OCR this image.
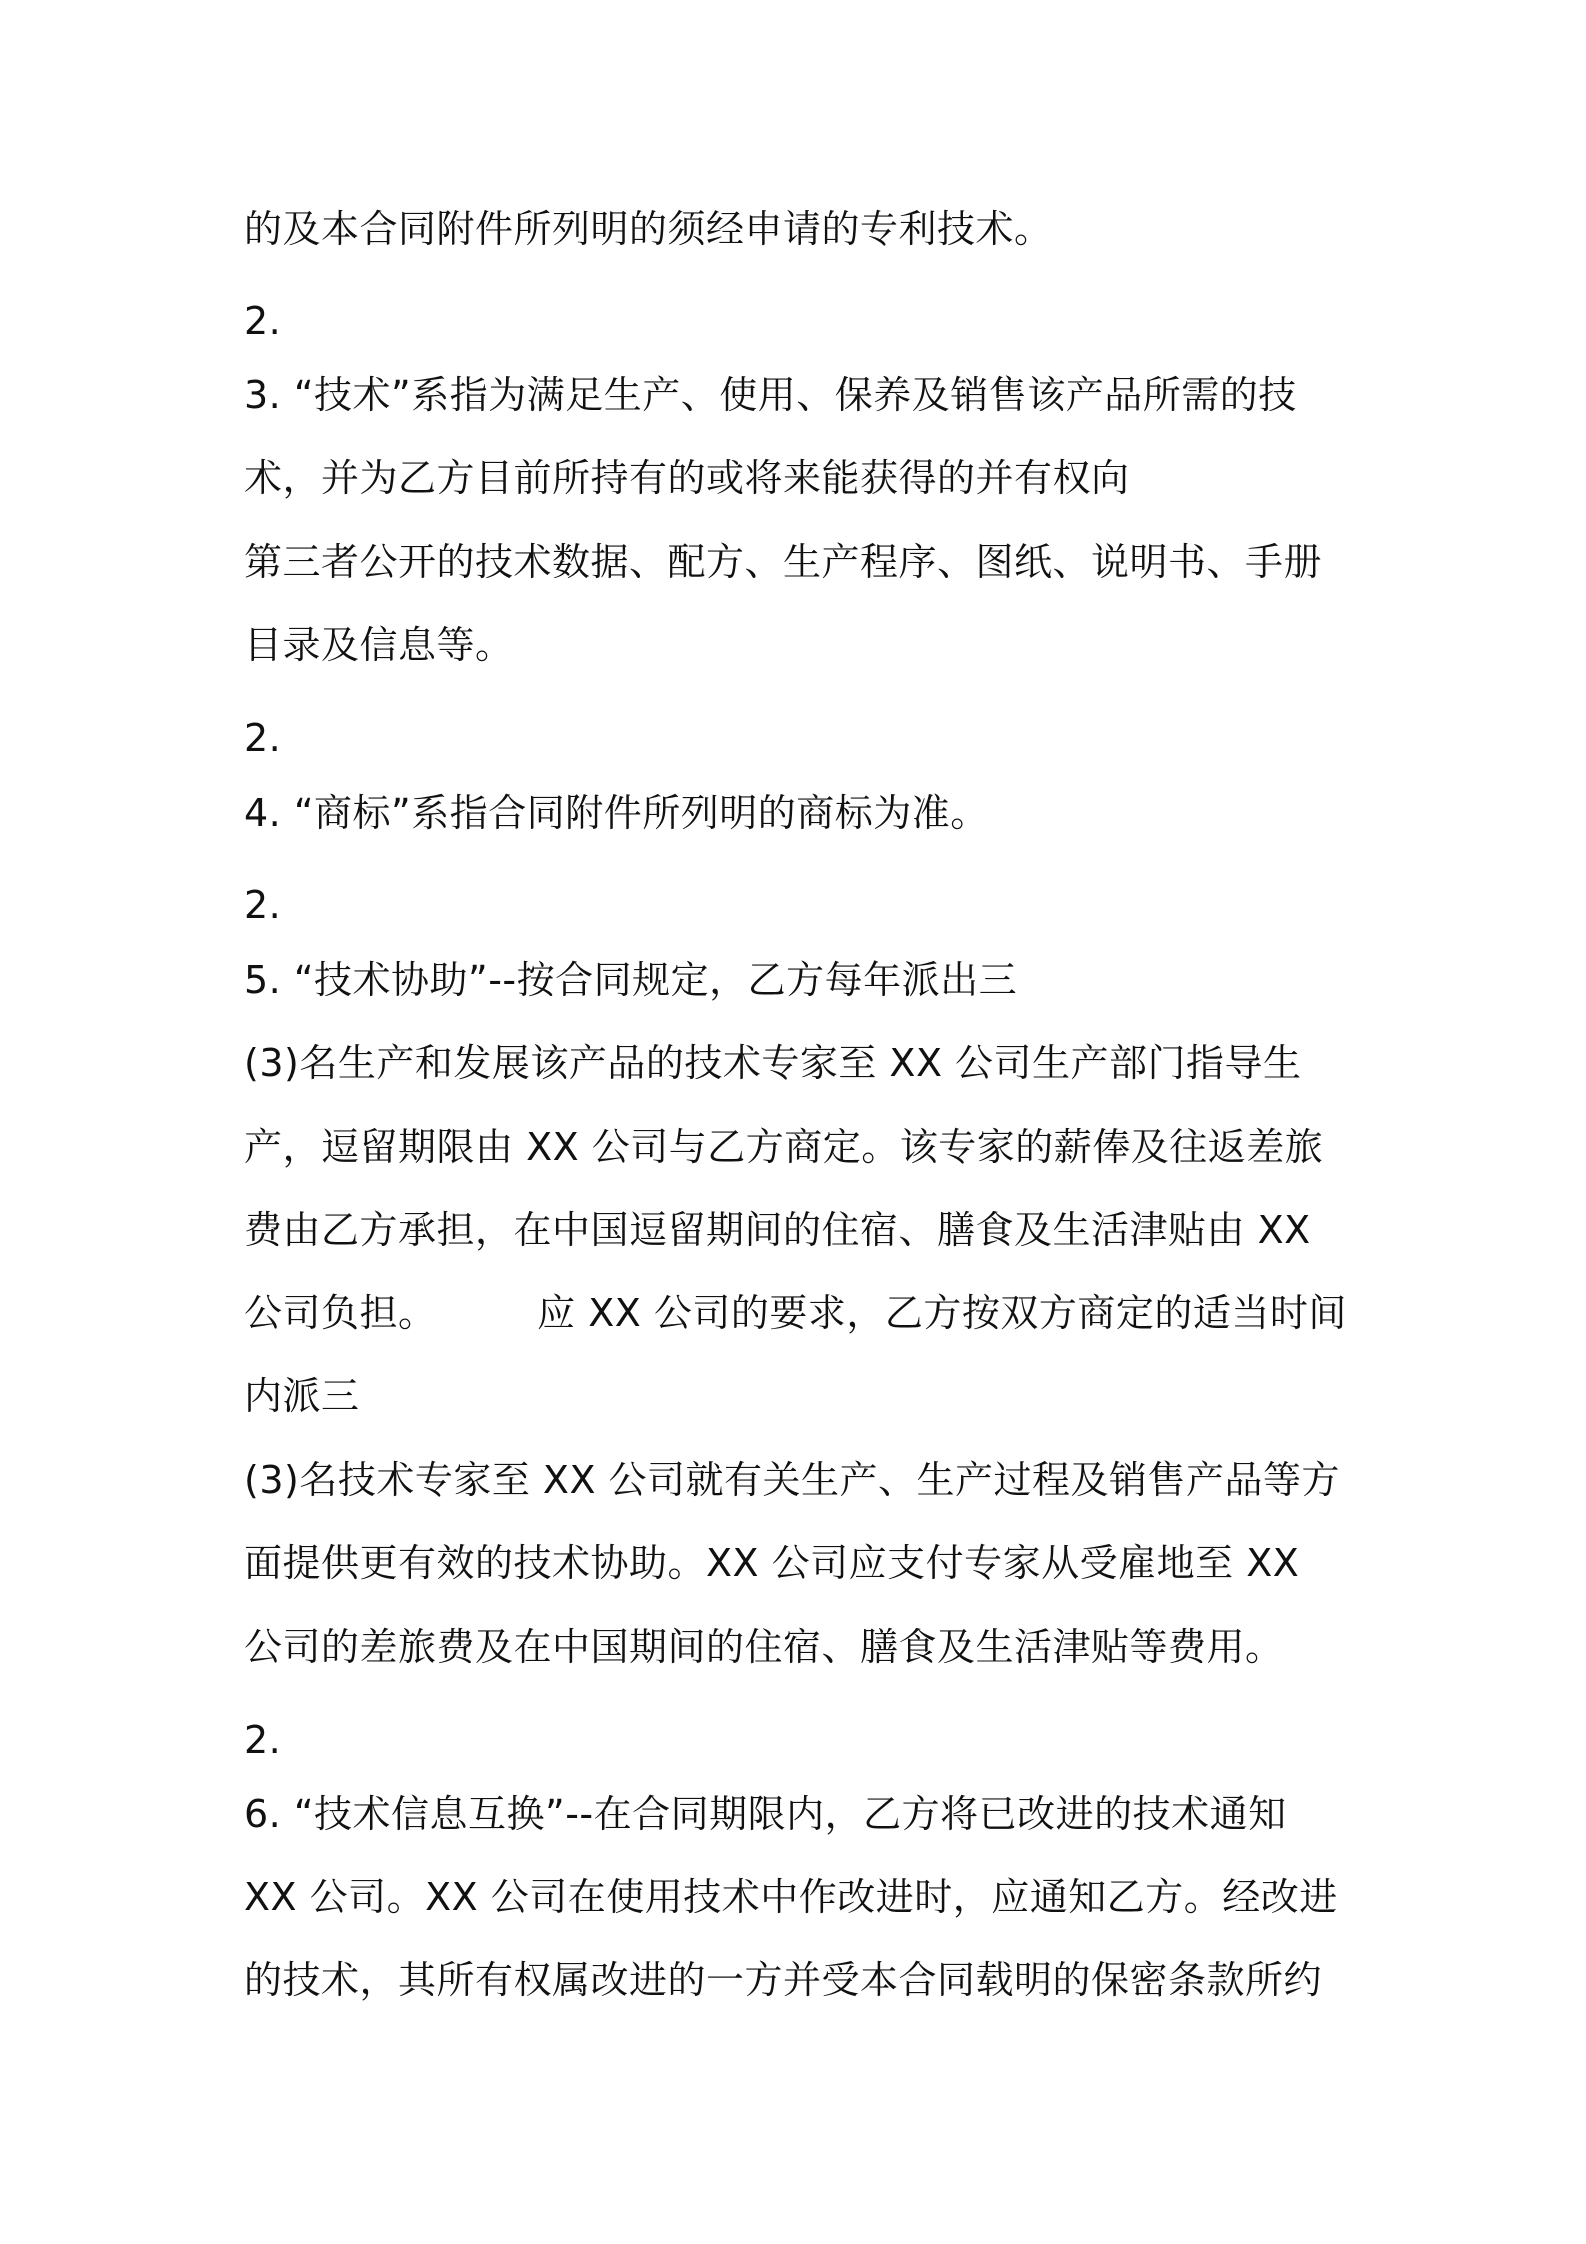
的及本合同附件所列明的须经申请的专利技术。
2.
3. “技术”系指为满足生产、使用、保养及销售该产品所需的技
术，并为乙方目前所持有的或将来能获得的并有权向
第三者公开的技术数据、配方、生产程序、图纸、说明书、手册
目录及信息等。
2.
4. “商标”系指合同附件所列明的商标为准。
2.
5. “技术协助”--按合同规定，乙方每年派出三
(3)名生产和发展该产品的技术专家至 XX 公司生产部门指导生
产，逗留期限由 XX 公司与乙方商定。该专家的薪俸及往返差旅
费由乙方承担，在中国逗留期间的住宿、膳食及生活津贴由 XX
公司负担。        应 XX 公司的要求，乙方按双方商定的适当时间
内派三
(3)名技术专家至 XX 公司就有关生产、生产过程及销售产品等方
面提供更有效的技术协助。XX 公司应支付专家从受雇地至 XX
公司的差旅费及在中国期间的住宿、膳食及生活津贴等费用。
2.
6. “技术信息互换”--在合同期限内，乙方将已改进的技术通知
XX 公司。XX 公司在使用技术中作改进时，应通知乙方。经改进
的技术，其所有权属改进的一方并受本合同载明的保密条款所约
